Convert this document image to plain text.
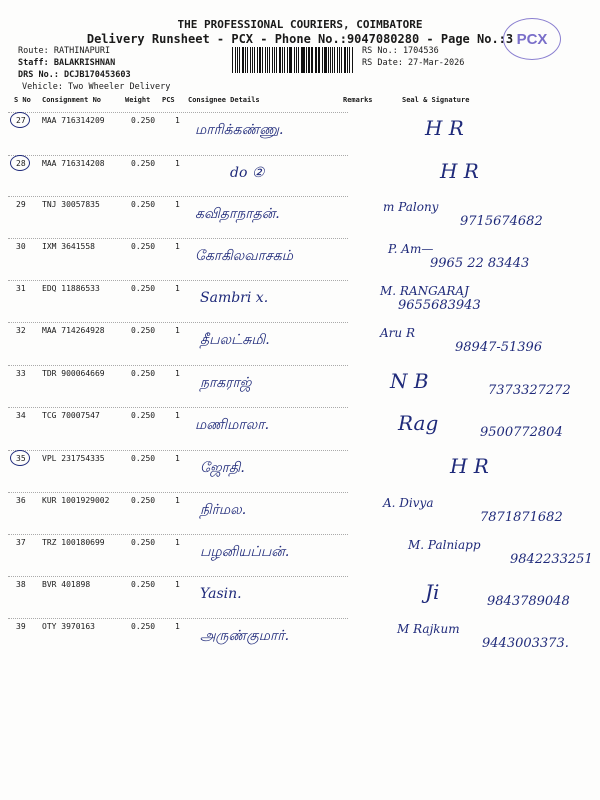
THE PROFESSIONAL COURIERS, COIMBATORE
Delivery Runsheet - PCX - Phone No.:9047080280 - Page No.:3 PCX
Route: RATHINAPURI
Staff: BALAKRISHNAN
DRS No.: DCJB170453603
Vehicle: Two Wheeler Delivery
RS No.: 1704536
RS Date: 27-Mar-2026
S No Consignment No	Weight PCS Consignee Details	Remarks	Seal & Signature
27 MAA 716314209	0.250 1
மாரிக்கண்ணு.	H R
28 MAA 716314208	0.250 1
do ②	H R
29 TNJ 30057835	0.250 1
கவிதாநாதன்.	m Palony
9715674682
30 IXM 3641558	0.250 1
கோகிலவாசகம்	P. Am—
9965 22 83443
31 EDQ 11886533	0.250 1
Sambri x.	M. RANGARAJ
9655683943
32 MAA 714264928	0.250 1
தீபலட்சுமி.	Aru R
98947-51396
33 TDR 900064669	0.250 1
நாகராஜ்	N B	7373327272
34 TCG 70007547	0.250 1
மணிமாலா.	Rag	9500772804
35 VPL 231754335	0.250 1
ஜோதி.	H R
36 KUR 1001929002	0.250 1
நிர்மல.	A. Divya
7871871682
37 TRZ 100180699	0.250 1
பழனியப்பன்.	M. Palniapp
9842233251
38 BVR 401898	0.250 1
Yasin.	Ji	9843789048
39 OTY 3970163	0.250 1
அருண்குமார்.	M Rajkum
9443003373.
